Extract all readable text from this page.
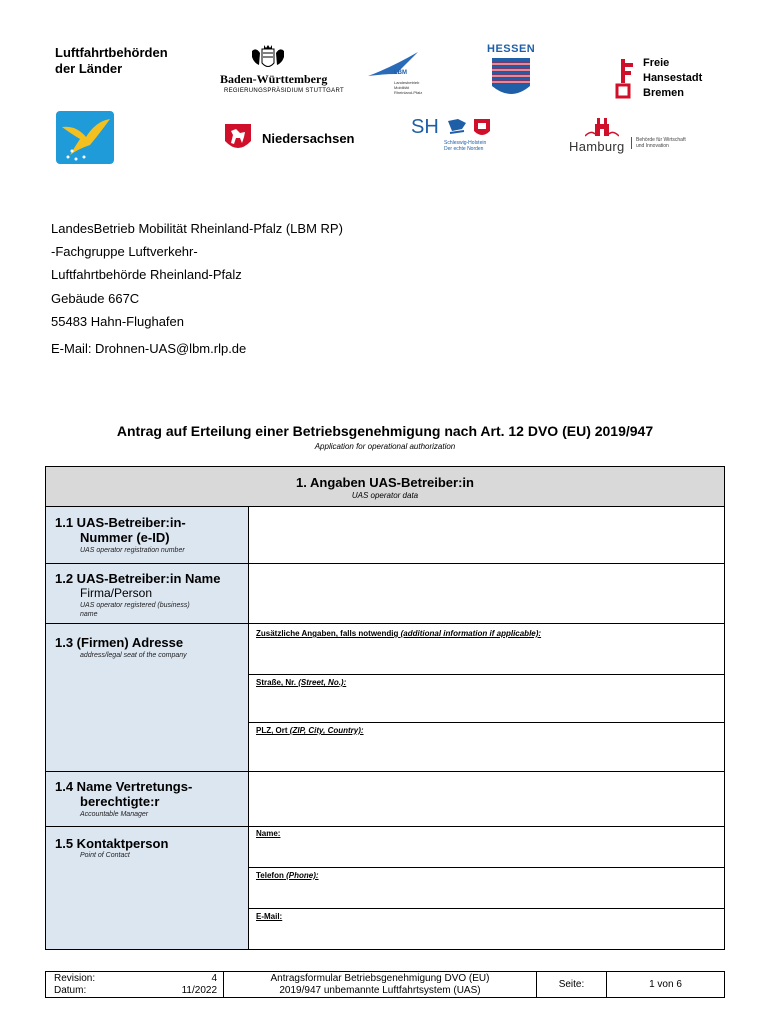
Luftfahrtbehörden
der Länder
Baden-Württemberg
REGIERUNGSPRÄSIDIUM STUTTGART
LBM
Landesbetrieb
Mobilität
Rheinland-Pfalz
HESSEN
Freie
Hansestadt
Bremen
Niedersachsen
SH
Schleswig-Holstein
Der echte Norden	Hamburg Behörde für Wirtschaft
und Innovation
LandesBetrieb Mobilität Rheinland-Pfalz (LBM RP)
-Fachgruppe Luftverkehr-
Luftfahrtbehörde Rheinland-Pfalz
Gebäude 667C
55483 Hahn-Flughafen
E-Mail: Drohnen-UAS@lbm.rlp.de
Antrag auf Erteilung einer Betriebsgenehmigung nach Art. 12 DVO (EU) 2019/947
Application for operational authorization
1. Angaben UAS-Betreiber:in
UAS operator data
1.1 UAS-Betreiber:in-
Nummer (e-ID)
UAS operator registration number
1.2 UAS-Betreiber:in Name
Firma/Person
UAS operator registered (business)
name
1.3 (Firmen) Adresse
address/legal seat of the company
Zusätzliche Angaben, falls notwendig (additional information if applicable):
Straße, Nr. (Street, No.):
PLZ, Ort (ZIP, City, Country):
1.4 Name Vertretungs-
berechtigte:r
Accountable Manager
1.5 Kontaktperson
Point of Contact
Name:
Telefon (Phone):
E-Mail:
Revision:
Datum:
4
11/2022
Antragsformular Betriebsgenehmigung DVO (EU)
2019/947 unbemannte Luftfahrtsystem (UAS)
Seite:	1 von 6
